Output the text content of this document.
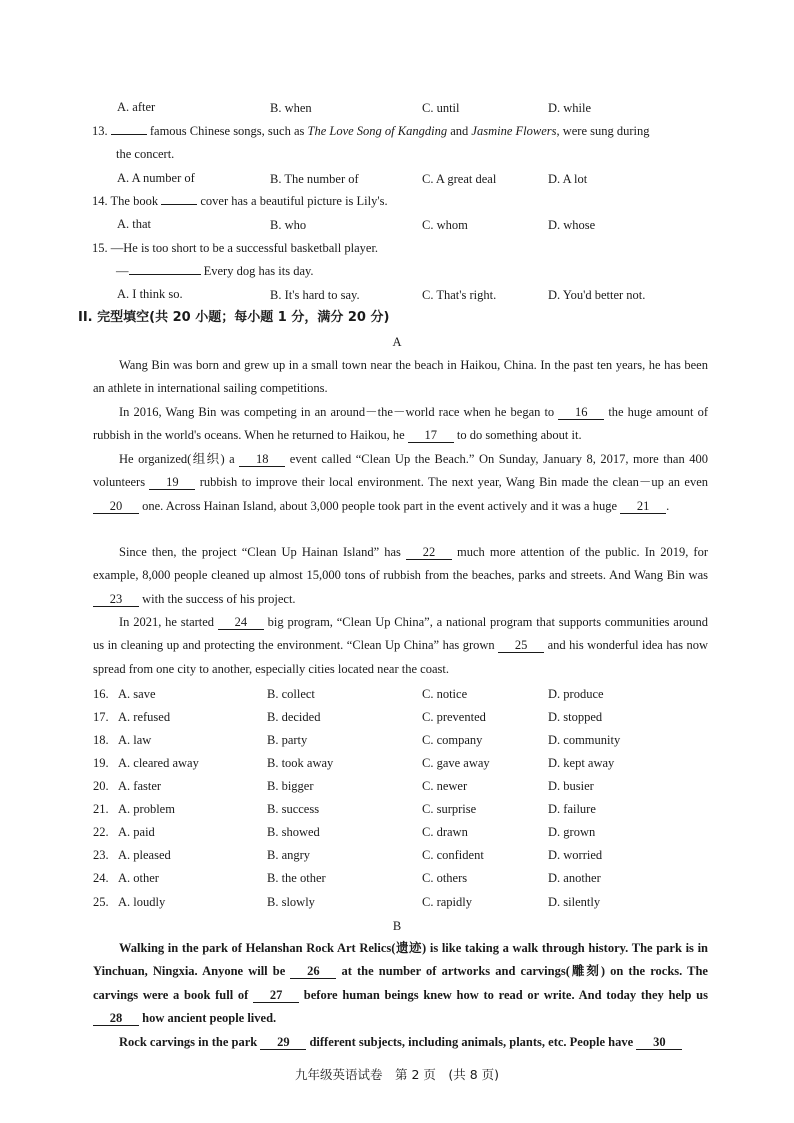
A. after	B. when	C. until	D. while
13.	famous Chinese songs, such as The Love Song of Kangding and Jasmine Flowers, were sung during
the concert.
A. A number of	B. The number of	C. A great deal	D. A lot
14. The book	cover has a beautiful picture is Lily's.
A. that	B. who	C. whom	D. whose
15. —He is too short to be a successful basketball player.
—	Every dog has its day.
A. I think so.	B. It's hard to say.	C. That's right.	D. You'd better not.
II. 完型填空(共 20 小题；每小题 1 分，满分 20 分)
A
Wang Bin was born and grew up in a small town near the beach in Haikou, China. In the past ten years, he has been an athlete in international sailing competitions.
In 2016, Wang Bin was competing in an around－the－world race when he began to 16 the huge amount of rubbish in the world's oceans. When he returned to Haikou, he 17 to do something about it.
He organized(组织) a 18 event called “Clean Up the Beach.” On Sunday, January 8, 2017, more than 400 volunteers 19 rubbish to improve their local environment. The next year, Wang Bin made the clean－up an even 20 one. Across Hainan Island, about 3,000 people took part in the event actively and it was a huge 21 .
Since then, the project “Clean Up Hainan Island” has 22 much more attention of the public. In 2019, for example, 8,000 people cleaned up almost 15,000 tons of rubbish from the beaches, parks and streets. And Wang Bin was 23 with the success of his project.
In 2021, he started 24 big program, “Clean Up China”, a national program that supports communities around us in cleaning up and protecting the environment. “Clean Up China” has grown 25 and his wonderful idea has now spread from one city to another, especially cities located near the coast.
16. A. save	B. collect	C. notice	D. produce
17. A. refused	B. decided	C. prevented	D. stopped
18. A. law	B. party	C. company	D. community
19. A. cleared away	B. took away	C. gave away	D. kept away
20. A. faster	B. bigger	C. newer	D. busier
21. A. problem	B. success	C. surprise	D. failure
22. A. paid	B. showed	C. drawn	D. grown
23. A. pleased	B. angry	C. confident	D. worried
24. A. other	B. the other	C. others	D. another
25. A. loudly	B. slowly	C. rapidly	D. silently
B
Walking in the park of Helanshan Rock Art Relics(遗迹) is like taking a walk through history. The park is in Yinchuan, Ningxia. Anyone will be 26 at the number of artworks and carvings(雕刻) on the rocks. The carvings were a book full of 27 before human beings knew how to read or write. And today they help us 28 how ancient people lived.
Rock carvings in the park 29 different subjects, including animals, plants, etc. People have 30
九年级英语试卷　第 2 页　(共 8 页)
